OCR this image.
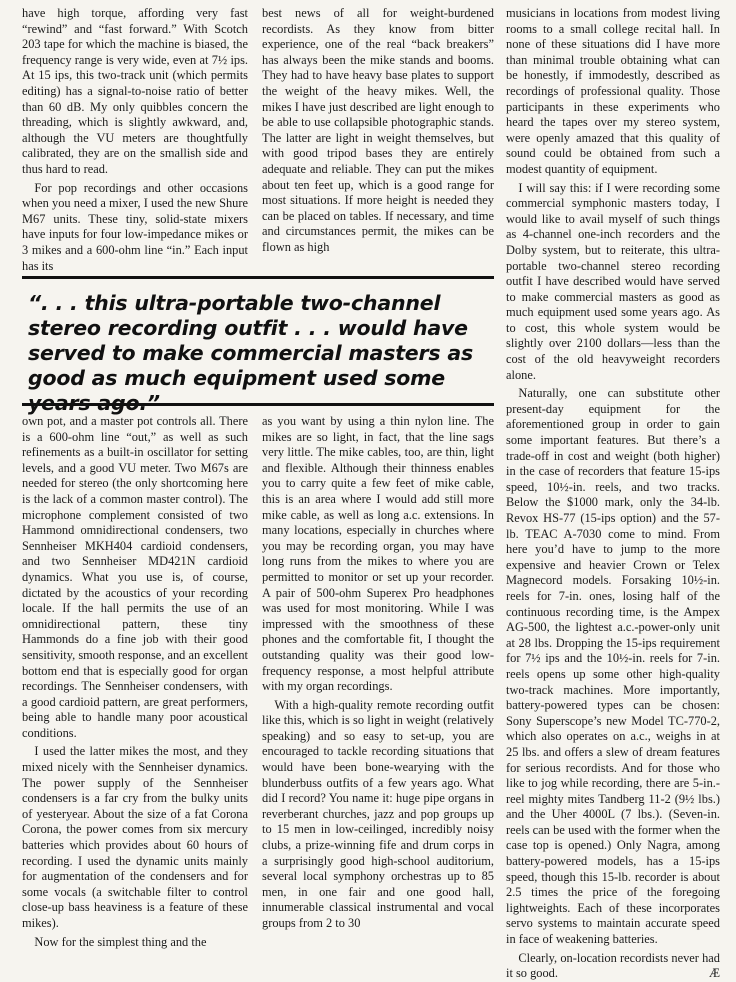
have high torque, affording very fast “rewind” and “fast forward.” With Scotch 203 tape for which the machine is biased, the frequency range is very wide, even at 7½ ips. At 15 ips, this two-track unit (which permits editing) has a signal-to-noise ratio of better than 60 dB. My only quibbles concern the threading, which is slightly awkward, and, although the VU meters are thoughtfully calibrated, they are on the smallish side and thus hard to read.

For pop recordings and other occasions when you need a mixer, I used the new Shure M67 units. These tiny, solid-state mixers have inputs for four low-impedance mikes or 3 mikes and a 600-ohm line “in.” Each input has its

best news of all for weight-burdened recordists. As they know from bitter experience, one of the real “back breakers” has always been the mike stands and booms. They had to have heavy base plates to support the weight of the heavy mikes. Well, the mikes I have just described are light enough to be able to use collapsible photographic stands. The latter are light in weight themselves, but with good tripod bases they are entirely adequate and reliable. They can put the mikes about ten feet up, which is a good range for most situations. If more height is needed they can be placed on tables. If necessary, and time and circumstances permit, the mikes can be flown as high

“. . . this ultra-portable two-channel stereo recording outfit . . . would have served to make commercial masters as good as much equipment used some years ago.”

own pot, and a master pot controls all. There is a 600-ohm line “out,” as well as such refinements as a built-in oscillator for setting levels, and a good VU meter. Two M67s are needed for stereo (the only shortcoming here is the lack of a common master control). The microphone complement consisted of two Hammond omnidirectional condensers, two Sennheiser MKH404 cardioid condensers, and two Sennheiser MD421N cardioid dynamics. What you use is, of course, dictated by the acoustics of your recording locale. If the hall permits the use of an omnidirectional pattern, these tiny Hammonds do a fine job with their good sensitivity, smooth response, and an excellent bottom end that is especially good for organ recordings. The Sennheiser condensers, with a good cardioid pattern, are great performers, being able to handle many poor acoustical conditions.

I used the latter mikes the most, and they mixed nicely with the Sennheiser dynamics. The power supply of the Sennheiser condensers is a far cry from the bulky units of yesteryear. About the size of a fat Corona Corona, the power comes from six mercury batteries which provides about 60 hours of recording. I used the dynamic units mainly for augmentation of the condensers and for some vocals (a switchable filter to control close-up bass heaviness is a feature of these mikes).

Now for the simplest thing and the

as you want by using a thin nylon line. The mikes are so light, in fact, that the line sags very little. The mike cables, too, are thin, light and flexible. Although their thinness enables you to carry quite a few feet of mike cable, this is an area where I would add still more mike cable, as well as long a.c. extensions. In many locations, especially in churches where you may be recording organ, you may have long runs from the mikes to where you are permitted to monitor or set up your recorder. A pair of 500-ohm Superex Pro headphones was used for most monitoring. While I was impressed with the smoothness of these phones and the comfortable fit, I thought the outstanding quality was their good low-frequency response, a most helpful attribute with my organ recordings.

With a high-quality remote recording outfit like this, which is so light in weight (relatively speaking) and so easy to set-up, you are encouraged to tackle recording situations that would have been bone-wearying with the blunderbuss outfits of a few years ago. What did I record? You name it: huge pipe organs in reverberant churches, jazz and pop groups up to 15 men in low-ceilinged, incredibly noisy clubs, a prize-winning fife and drum corps in a surprisingly good high-school auditorium, several local symphony orchestras up to 85 men, in one fair and one good hall, innumerable classical instrumental and vocal groups from 2 to 30

musicians in locations from modest living rooms to a small college recital hall. In none of these situations did I have more than minimal trouble obtaining what can be honestly, if immodestly, described as recordings of professional quality. Those participants in these experiments who heard the tapes over my stereo system, were openly amazed that this quality of sound could be obtained from such a modest quantity of equipment.

I will say this: if I were recording some commercial symphonic masters today, I would like to avail myself of such things as 4-channel one-inch recorders and the Dolby system, but to reiterate, this ultra-portable two-channel stereo recording outfit I have described would have served to make commercial masters as good as much equipment used some years ago. As to cost, this whole system would be slightly over 2100 dollars—less than the cost of the old heavyweight recorders alone.

Naturally, one can substitute other present-day equipment for the aforementioned group in order to gain some important features. But there’s a trade-off in cost and weight (both higher) in the case of recorders that feature 15-ips speed, 10½-in. reels, and two tracks. Below the $1000 mark, only the 34-lb. Revox HS-77 (15-ips option) and the 57-lb. TEAC A-7030 come to mind. From here you’d have to jump to the more expensive and heavier Crown or Telex Magnecord models. Forsaking 10½-in. reels for 7-in. ones, losing half of the continuous recording time, is the Ampex AG-500, the lightest a.c.-power-only unit at 28 lbs. Dropping the 15-ips requirement for 7½ ips and the 10½-in. reels for 7-in. reels opens up some other high-quality two-track machines. More importantly, battery-powered types can be chosen: Sony Superscope’s new Model TC-770-2, which also operates on a.c., weighs in at 25 lbs. and offers a slew of dream features for serious recordists. And for those who like to jog while recording, there are 5-in.-reel mighty mites Tandberg 11-2 (9½ lbs.) and the Uher 4000L (7 lbs.). (Seven-in. reels can be used with the former when the case top is opened.) Only Nagra, among battery-powered models, has a 15-ips speed, though this 15-lb. recorder is about 2.5 times the price of the foregoing lightweights. Each of these incorporates servo systems to maintain accurate speed in face of weakening batteries.

Clearly, on-location recordists never had it so good.	Æ
